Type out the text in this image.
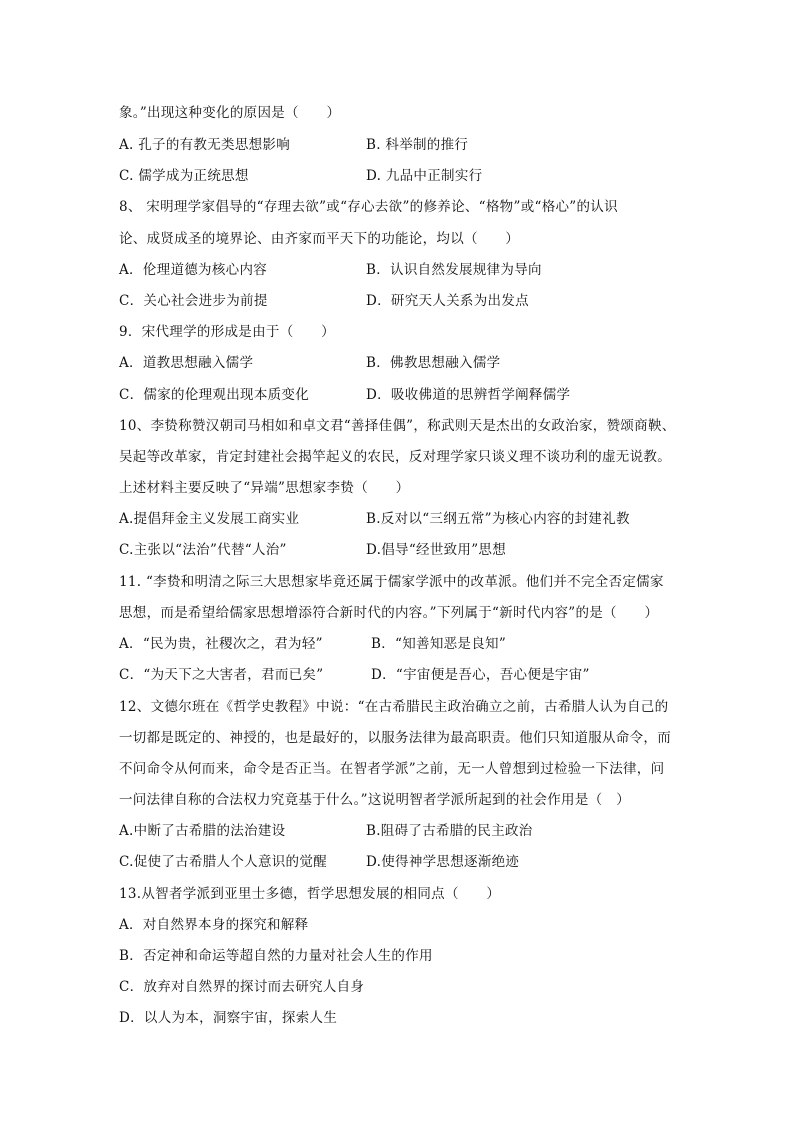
象。”出现这种变化的原因是（　　）
A. 孔子的有教无类思想影响	B. 科举制的推行
C. 儒学成为正统思想	D. 九品中正制实行
8、 宋明理学家倡导的“存理去欲”或“存心去欲”的修养论、“格物”或“格心”的认识
论、成贤成圣的境界论、由齐家而平天下的功能论，均以（　　）
A．伦理道德为核心内容	B．认识自然发展规律为导向
C．关心社会进步为前提	D．研究天人关系为出发点
9．宋代理学的形成是由于（　　）
A．道教思想融入儒学	B．佛教思想融入儒学
C．儒家的伦理观出现本质变化	D．吸收佛道的思辨哲学阐释儒学
10、李贽称赞汉朝司马相如和卓文君“善择佳偶”，称武则天是杰出的女政治家，赞颂商鞅、
吴起等改革家，肯定封建社会揭竿起义的农民，反对理学家只谈义理不谈功利的虚无说教。
上述材料主要反映了“异端”思想家李贽（　　）
A.提倡拜金主义发展工商实业	B.反对以“三纲五常”为核心内容的封建礼教
C.主张以“法治”代替“人治”	D.倡导“经世致用”思想
11. “李贽和明清之际三大思想家毕竟还属于儒家学派中的改革派。他们并不完全否定儒家
思想，而是希望给儒家思想增添符合新时代的内容。”下列属于“新时代内容”的是（　　）
A．“民为贵，社稷次之，君为轻”	B．“知善知恶是良知”
C．“为天下之大害者，君而已矣”	D．“宇宙便是吾心，吾心便是宇宙”
12、文德尔班在《哲学史教程》中说：“在古希腊民主政治确立之前，古希腊人认为自己的
一切都是既定的、神授的，也是最好的，以服务法律为最高职责。他们只知道服从命令，而
不问命令从何而来，命令是否正当。在智者学派”之前，无一人曾想到过检验一下法律，问
一问法律自称的合法权力究竟基于什么。”这说明智者学派所起到的社会作用是（　）
A.中断了古希腊的法治建设	B.阻碍了古希腊的民主政治
C.促使了古希腊人个人意识的觉醒	D.使得神学思想逐渐绝迹
13.从智者学派到亚里士多德，哲学思想发展的相同点（　　）
A．对自然界本身的探究和解释
B．否定神和命运等超自然的力量对社会人生的作用
C．放弃对自然界的探讨而去研究人自身
D．以人为本，洞察宇宙，探索人生
